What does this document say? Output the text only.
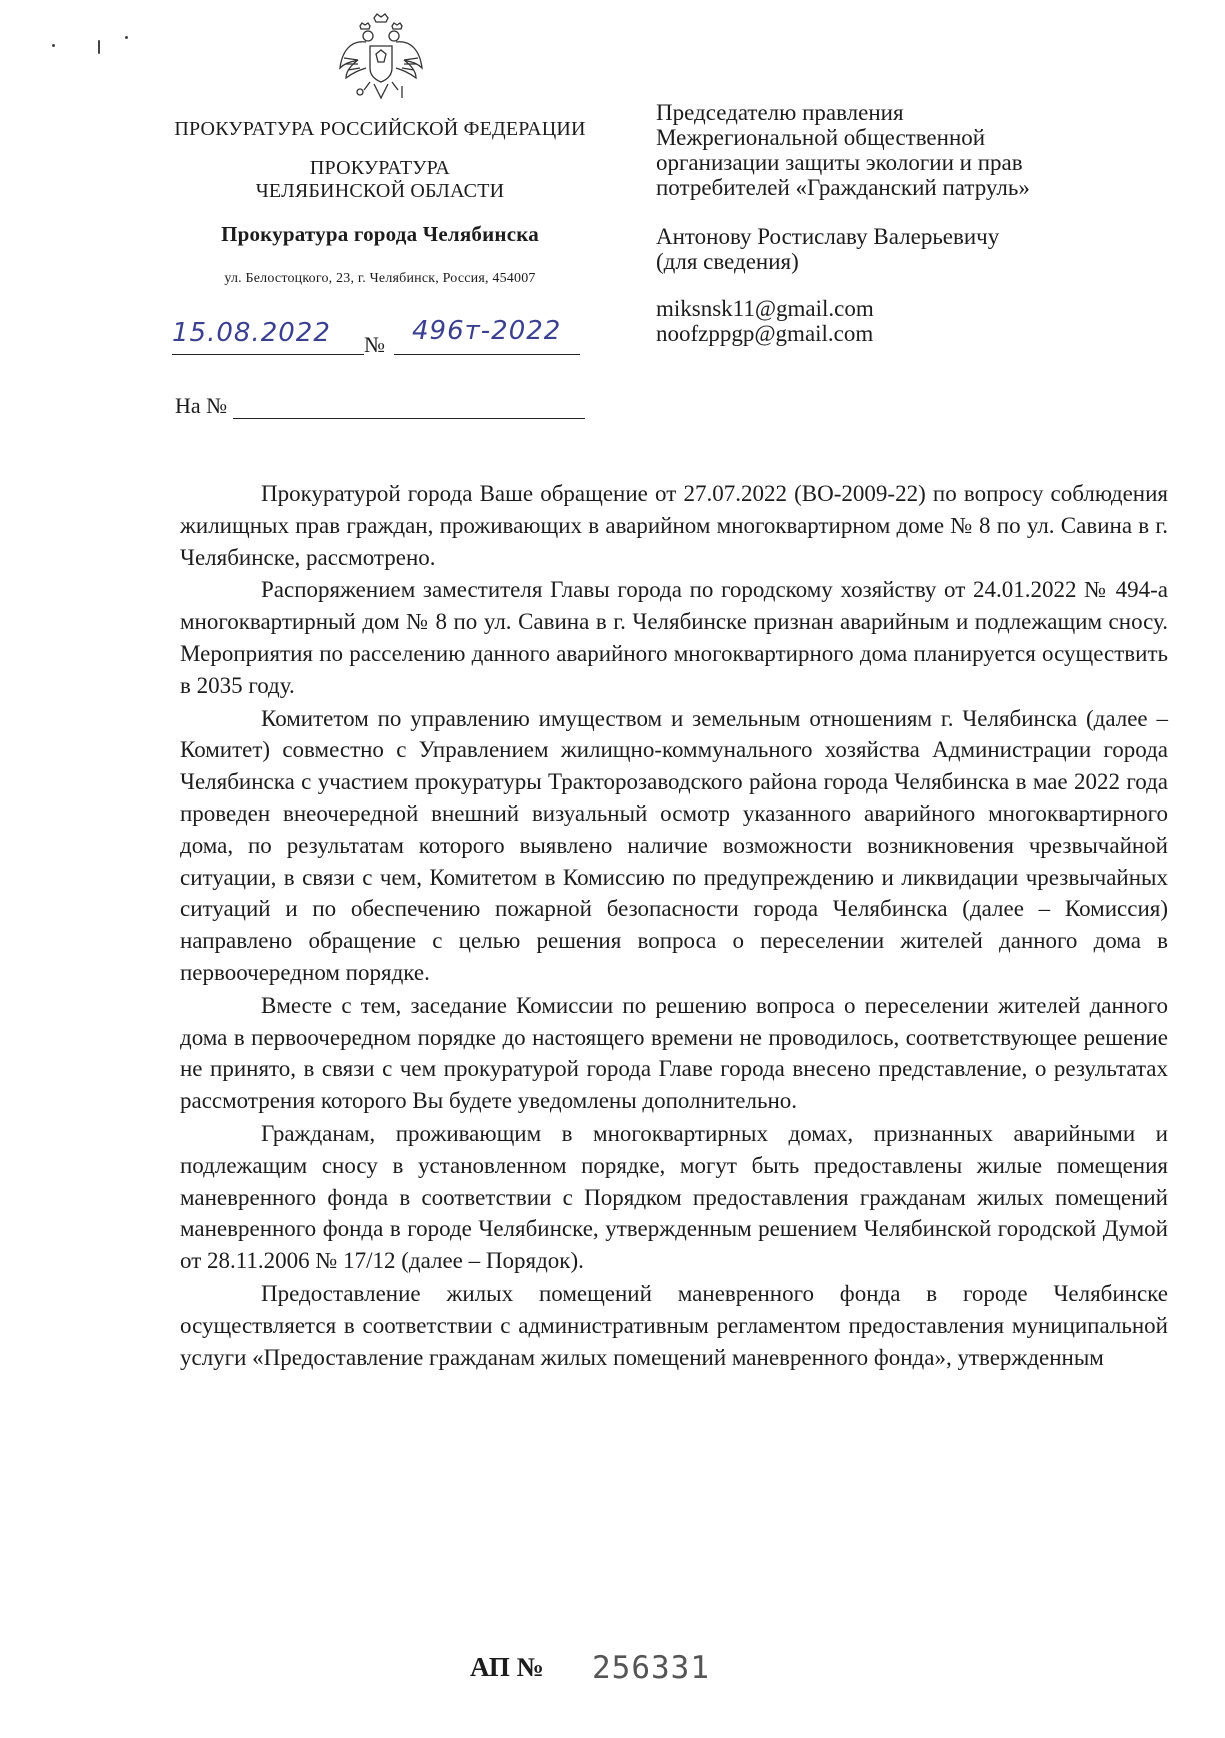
ПРОКУРАТУРА РОССИЙСКОЙ ФЕДЕРАЦИИ
ПРОКУРАТУРА
ЧЕЛЯБИНСКОЙ ОБЛАСТИ
Прокуратура города Челябинска
ул. Белостоцкого, 23, г. Челябинск, Россия, 454007
15.08.2022 № 496т-2022
На №
Председателю правления
Межрегиональной общественной
организации защиты экологии и прав
потребителей «Гражданский патруль»
Антонову Ростиславу Валерьевичу
(для сведения)
miksnsk11@gmail.com
noofzppgp@gmail.com

Прокуратурой города Ваше обращение от 27.07.2022 (ВО-2009-22) по вопросу соблюдения жилищных прав граждан, проживающих в аварийном многоквартирном доме № 8 по ул. Савина в г. Челябинске, рассмотрено.

Распоряжением заместителя Главы города по городскому хозяйству от 24.01.2022 № 494-а многоквартирный дом № 8 по ул. Савина в г. Челябинске признан аварийным и подлежащим сносу. Мероприятия по расселению данного аварийного многоквартирного дома планируется осуществить в 2035 году.

Комитетом по управлению имуществом и земельным отношениям г. Челябинска (далее – Комитет) совместно с Управлением жилищно-коммунального хозяйства Администрации города Челябинска с участием прокуратуры Тракторозаводского района города Челябинска в мае 2022 года проведен внеочередной внешний визуальный осмотр указанного аварийного многоквартирного дома, по результатам которого выявлено наличие возможности возникновения чрезвычайной ситуации, в связи с чем, Комитетом в Комиссию по предупреждению и ликвидации чрезвычайных ситуаций и по обеспечению пожарной безопасности города Челябинска (далее – Комиссия) направлено обращение с целью решения вопроса о переселении жителей данного дома в первоочередном порядке.

Вместе с тем, заседание Комиссии по решению вопроса о переселении жителей данного дома в первоочередном порядке до настоящего времени не проводилось, соответствующее решение не принято, в связи с чем прокуратурой города Главе города внесено представление, о результатах рассмотрения которого Вы будете уведомлены дополнительно.

Гражданам, проживающим в многоквартирных домах, признанных аварийными и подлежащим сносу в установленном порядке, могут быть предоставлены жилые помещения маневренного фонда в соответствии с Порядком предоставления гражданам жилых помещений маневренного фонда в городе Челябинске, утвержденным решением Челябинской городской Думой от 28.11.2006 № 17/12 (далее – Порядок).

Предоставление жилых помещений маневренного фонда в городе Челябинске осуществляется в соответствии с административным регламентом предоставления муниципальной услуги «Предоставление гражданам жилых помещений маневренного фонда», утвержденным

АП № 256331
